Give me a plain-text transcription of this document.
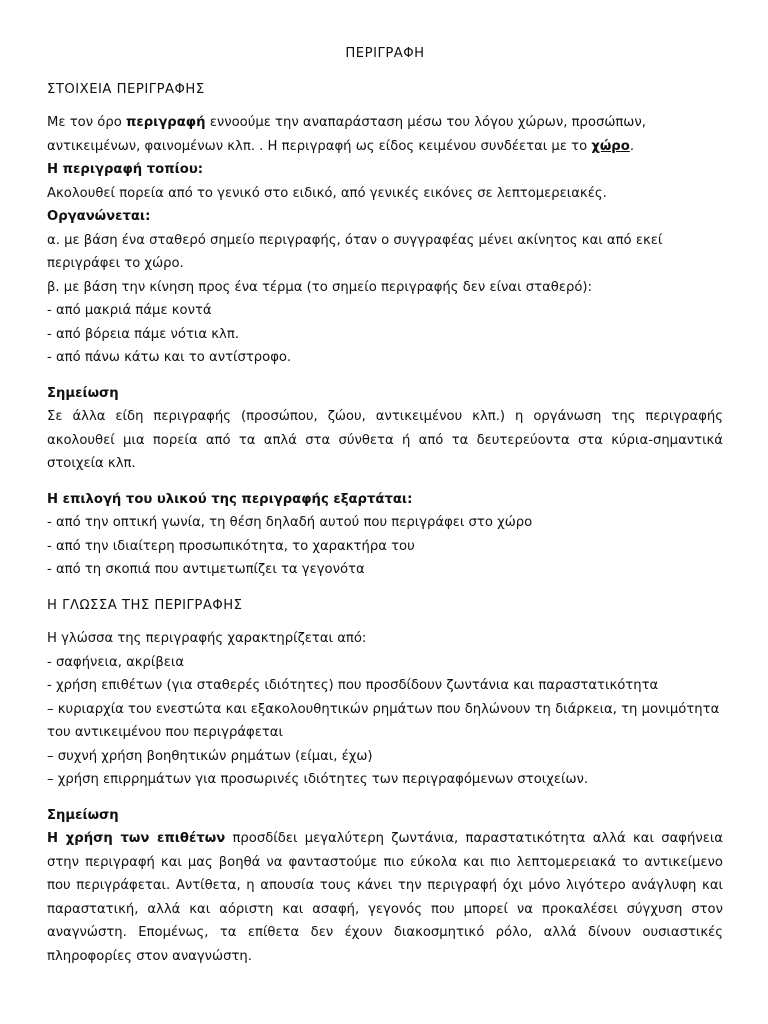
ΠΕΡΙΓΡΑΦΗ

ΣΤΟΙΧΕΙΑ ΠΕΡΙΓΡΑΦΗΣ

Με τον όρο περιγραφή εννοούμε την αναπαράσταση μέσω του λόγου χώρων, προσώπων, αντικειμένων, φαινομένων κλπ. . Η περιγραφή ως είδος κειμένου συνδέεται με το χώρο.

Η περιγραφή τοπίου:

Ακολουθεί πορεία από το γενικό στο ειδικό, από γενικές εικόνες σε λεπτομερειακές.

Οργανώνεται:

α. με βάση ένα σταθερό σημείο περιγραφής, όταν ο συγγραφέας μένει ακίνητος και από εκεί περιγράφει το χώρο.

β. με βάση την κίνηση προς ένα τέρμα (το σημείο περιγραφής δεν είναι σταθερό):

- από μακριά πάμε κοντά

- από βόρεια πάμε νότια κλπ.

- από πάνω κάτω και το αντίστροφο.

Σημείωση

Σε άλλα είδη περιγραφής (προσώπου, ζώου, αντικειμένου κλπ.) η οργάνωση της περιγραφής ακολουθεί μια πορεία από τα απλά στα σύνθετα ή από τα δευτερεύοντα στα κύρια-σημαντικά στοιχεία κλπ.

Η επιλογή του υλικού της περιγραφής εξαρτάται:

- από την οπτική γωνία, τη θέση δηλαδή αυτού που περιγράφει στο χώρο

- από την ιδιαίτερη προσωπικότητα, το χαρακτήρα του

- από τη σκοπιά που αντιμετωπίζει τα γεγονότα

Η ΓΛΩΣΣΑ ΤΗΣ ΠΕΡΙΓΡΑΦΗΣ

Η γλώσσα της περιγραφής χαρακτηρίζεται από:

- σαφήνεια, ακρίβεια

- χρήση επιθέτων (για σταθερές ιδιότητες) που προσδίδουν ζωντάνια και παραστατικότητα

– κυριαρχία του ενεστώτα και εξακολουθητικών ρημάτων που δηλώνουν τη διάρκεια, τη μονιμότητα του αντικειμένου που περιγράφεται

– συχνή χρήση βοηθητικών ρημάτων (είμαι, έχω)

– χρήση επιρρημάτων για προσωρινές ιδιότητες των περιγραφόμενων στοιχείων.

Σημείωση

Η χρήση των επιθέτων προσδίδει μεγαλύτερη ζωντάνια, παραστατικότητα αλλά και σαφήνεια στην περιγραφή και μας βοηθά να φανταστούμε πιο εύκολα και πιο λεπτομερειακά το αντικείμενο που περιγράφεται. Αντίθετα, η απουσία τους κάνει την περιγραφή όχι μόνο λιγότερο ανάγλυφη και παραστατική, αλλά και αόριστη και ασαφή, γεγονός που μπορεί να προκαλέσει σύγχυση στον αναγνώστη. Επομένως, τα επίθετα δεν έχουν διακοσμητικό ρόλο, αλλά δίνουν ουσιαστικές πληροφορίες στον αναγνώστη.
